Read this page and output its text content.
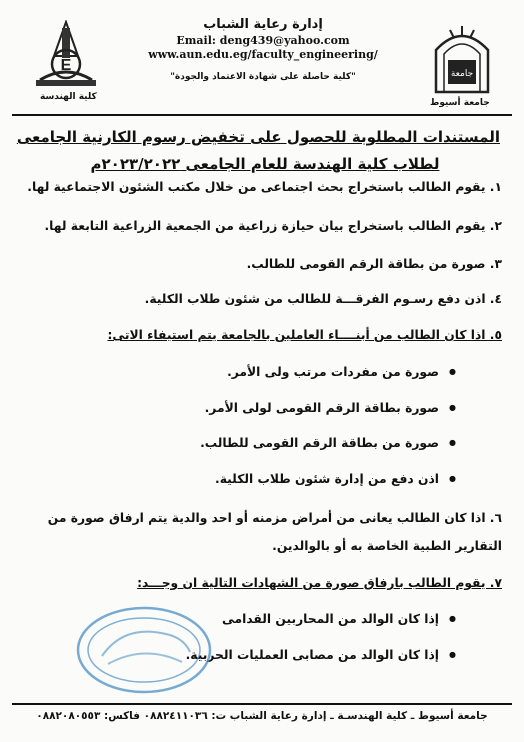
E
كلية الهندسة
إدارة رعاية الشباب
Email: deng439@yahoo.com
www.aun.edu.eg/faculty_engineering/
"كلية حاصلة على شهادة الاعتماد والجودة"	جامعة
جامعة أسيوط
المستندات المطلوبة للحصول على تخفيض رسوم الكارنية الجامعى
لطلاب كلية الهندسة للعام الجامعى ٢٠٢٣/٢٠٢٢م
١. يقوم الطالب باستخراج بحث اجتماعى من خلال مكتب الشئون الاجتماعية لها.
٢. يقوم الطالب باستخراج بيان حيازة زراعية من الجمعية الزراعية التابعة لها.
٣. صورة من بطاقة الرقم القومى للطالب.
٤. اذن دفع رسـوم الفرقـــة للطالب من شئون طلاب الكلية.
٥. اذا كان الطالب من أبنــــاء العاملين بالجامعة يتم استيفاء الاتى:
● صورة من مفردات مرتب ولى الأمر.
● صورة بطاقة الرقم القومى لولى الأمر.
● صورة من بطاقة الرقم القومى للطالب.
● اذن دفع من إدارة شئون طلاب الكلية.
٦. اذا كان الطالب يعانى من أمراض مزمنه أو احد والدية يتم ارفاق صورة من التقارير الطبية الخاصة به أو بالوالدين.
٧. يقوم الطالب بارفاق صورة من الشهادات التالية ان وجـــد:
● إذا كان الوالد من المحاربين القدامى
● إذا كان الوالد من مصابى العمليات الحربية.
جامعة أسيوط ـ كلية الهندسـة ـ إدارة رعاية الشباب ت: ٠٨٨٢٤١١٠٣٦ فاكس: ٠٨٨٢٠٨٠٥٥٣
